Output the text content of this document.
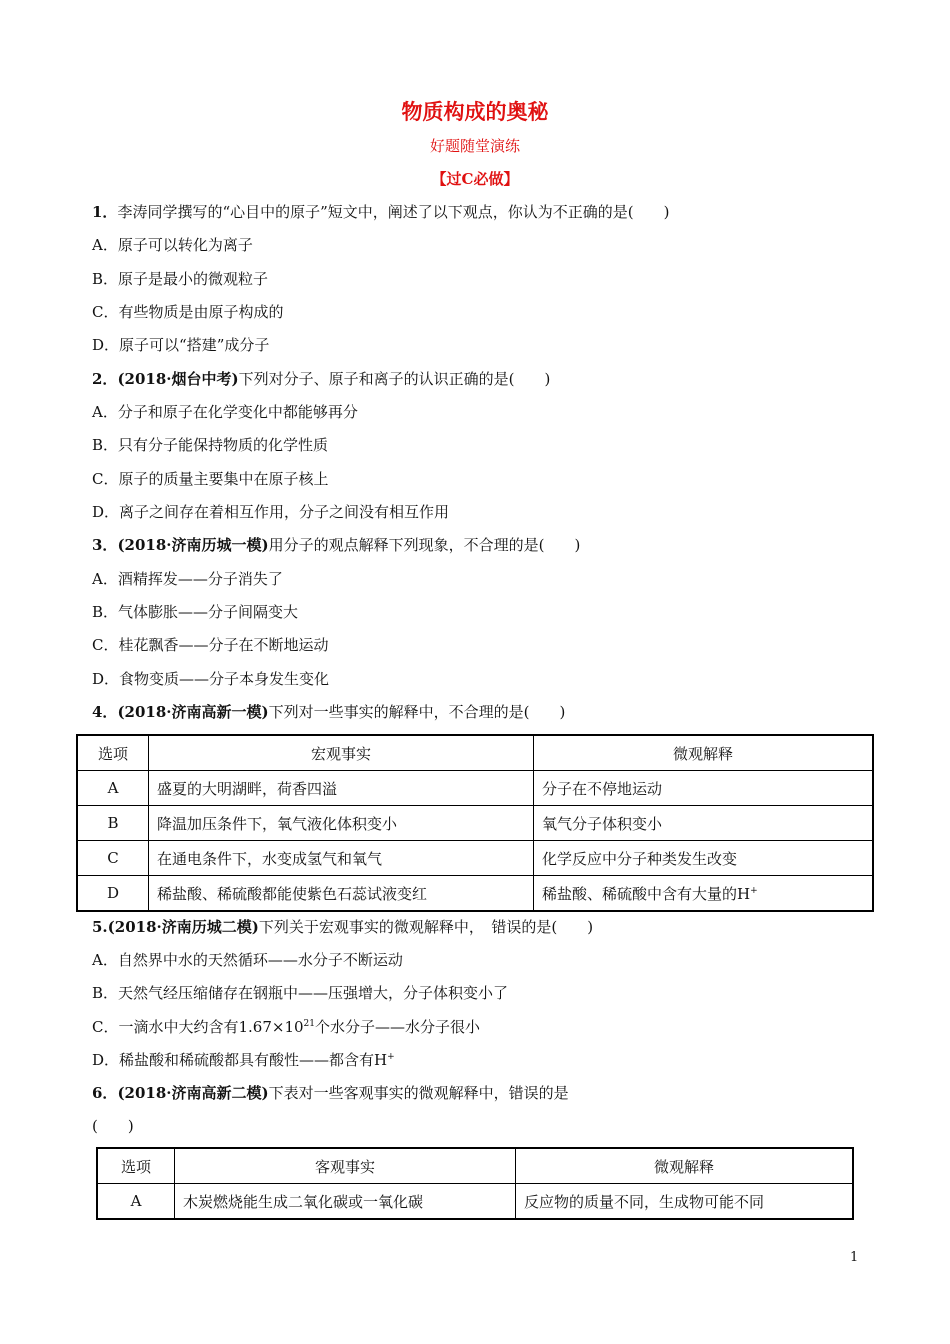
物质构成的奥秘
好题随堂演练
【过C必做】
1．李涛同学撰写的“心目中的原子”短文中，阐述了以下观点，你认为不正确的是(　　)
A．原子可以转化为离子
B．原子是最小的微观粒子
C．有些物质是由原子构成的
D．原子可以“搭建”成分子
2．(2018·烟台中考)下列对分子、原子和离子的认识正确的是(　　)
A．分子和原子在化学变化中都能够再分
B．只有分子能保持物质的化学性质
C．原子的质量主要集中在原子核上
D．离子之间存在着相互作用，分子之间没有相互作用
3．(2018·济南历城一模)用分子的观点解释下列现象，不合理的是(　　)
A．酒精挥发——分子消失了
B．气体膨胀——分子间隔变大
C．桂花飘香——分子在不断地运动
D．食物变质——分子本身发生变化
4．(2018·济南高新一模)下列对一些事实的解释中，不合理的是(　　)
选项	宏观事实	微观解释
A	盛夏的大明湖畔，荷香四溢	分子在不停地运动
B	降温加压条件下，氧气液化体积变小	氧气分子体积变小
C	在通电条件下，水变成氢气和氧气	化学反应中分子种类发生改变
D	稀盐酸、稀硫酸都能使紫色石蕊试液变红	稀盐酸、稀硫酸中含有大量的H+
5.(2018·济南历城二模)下列关于宏观事实的微观解释中，　错误的是(　　)
A．自然界中水的天然循环——水分子不断运动
B．天然气经压缩储存在钢瓶中——压强增大，分子体积变小了
C．一滴水中大约含有$1.67\times 10^{21}$个水分子——水分子很小
D．稀盐酸和稀硫酸都具有酸性——都含有H+
6．(2018·济南高新二模)下表对一些客观事实的微观解释中，错误的是
(　　)
选项	客观事实	微观解释
A	木炭燃烧能生成二氧化碳或一氧化碳	反应物的质量不同，生成物可能不同
1
